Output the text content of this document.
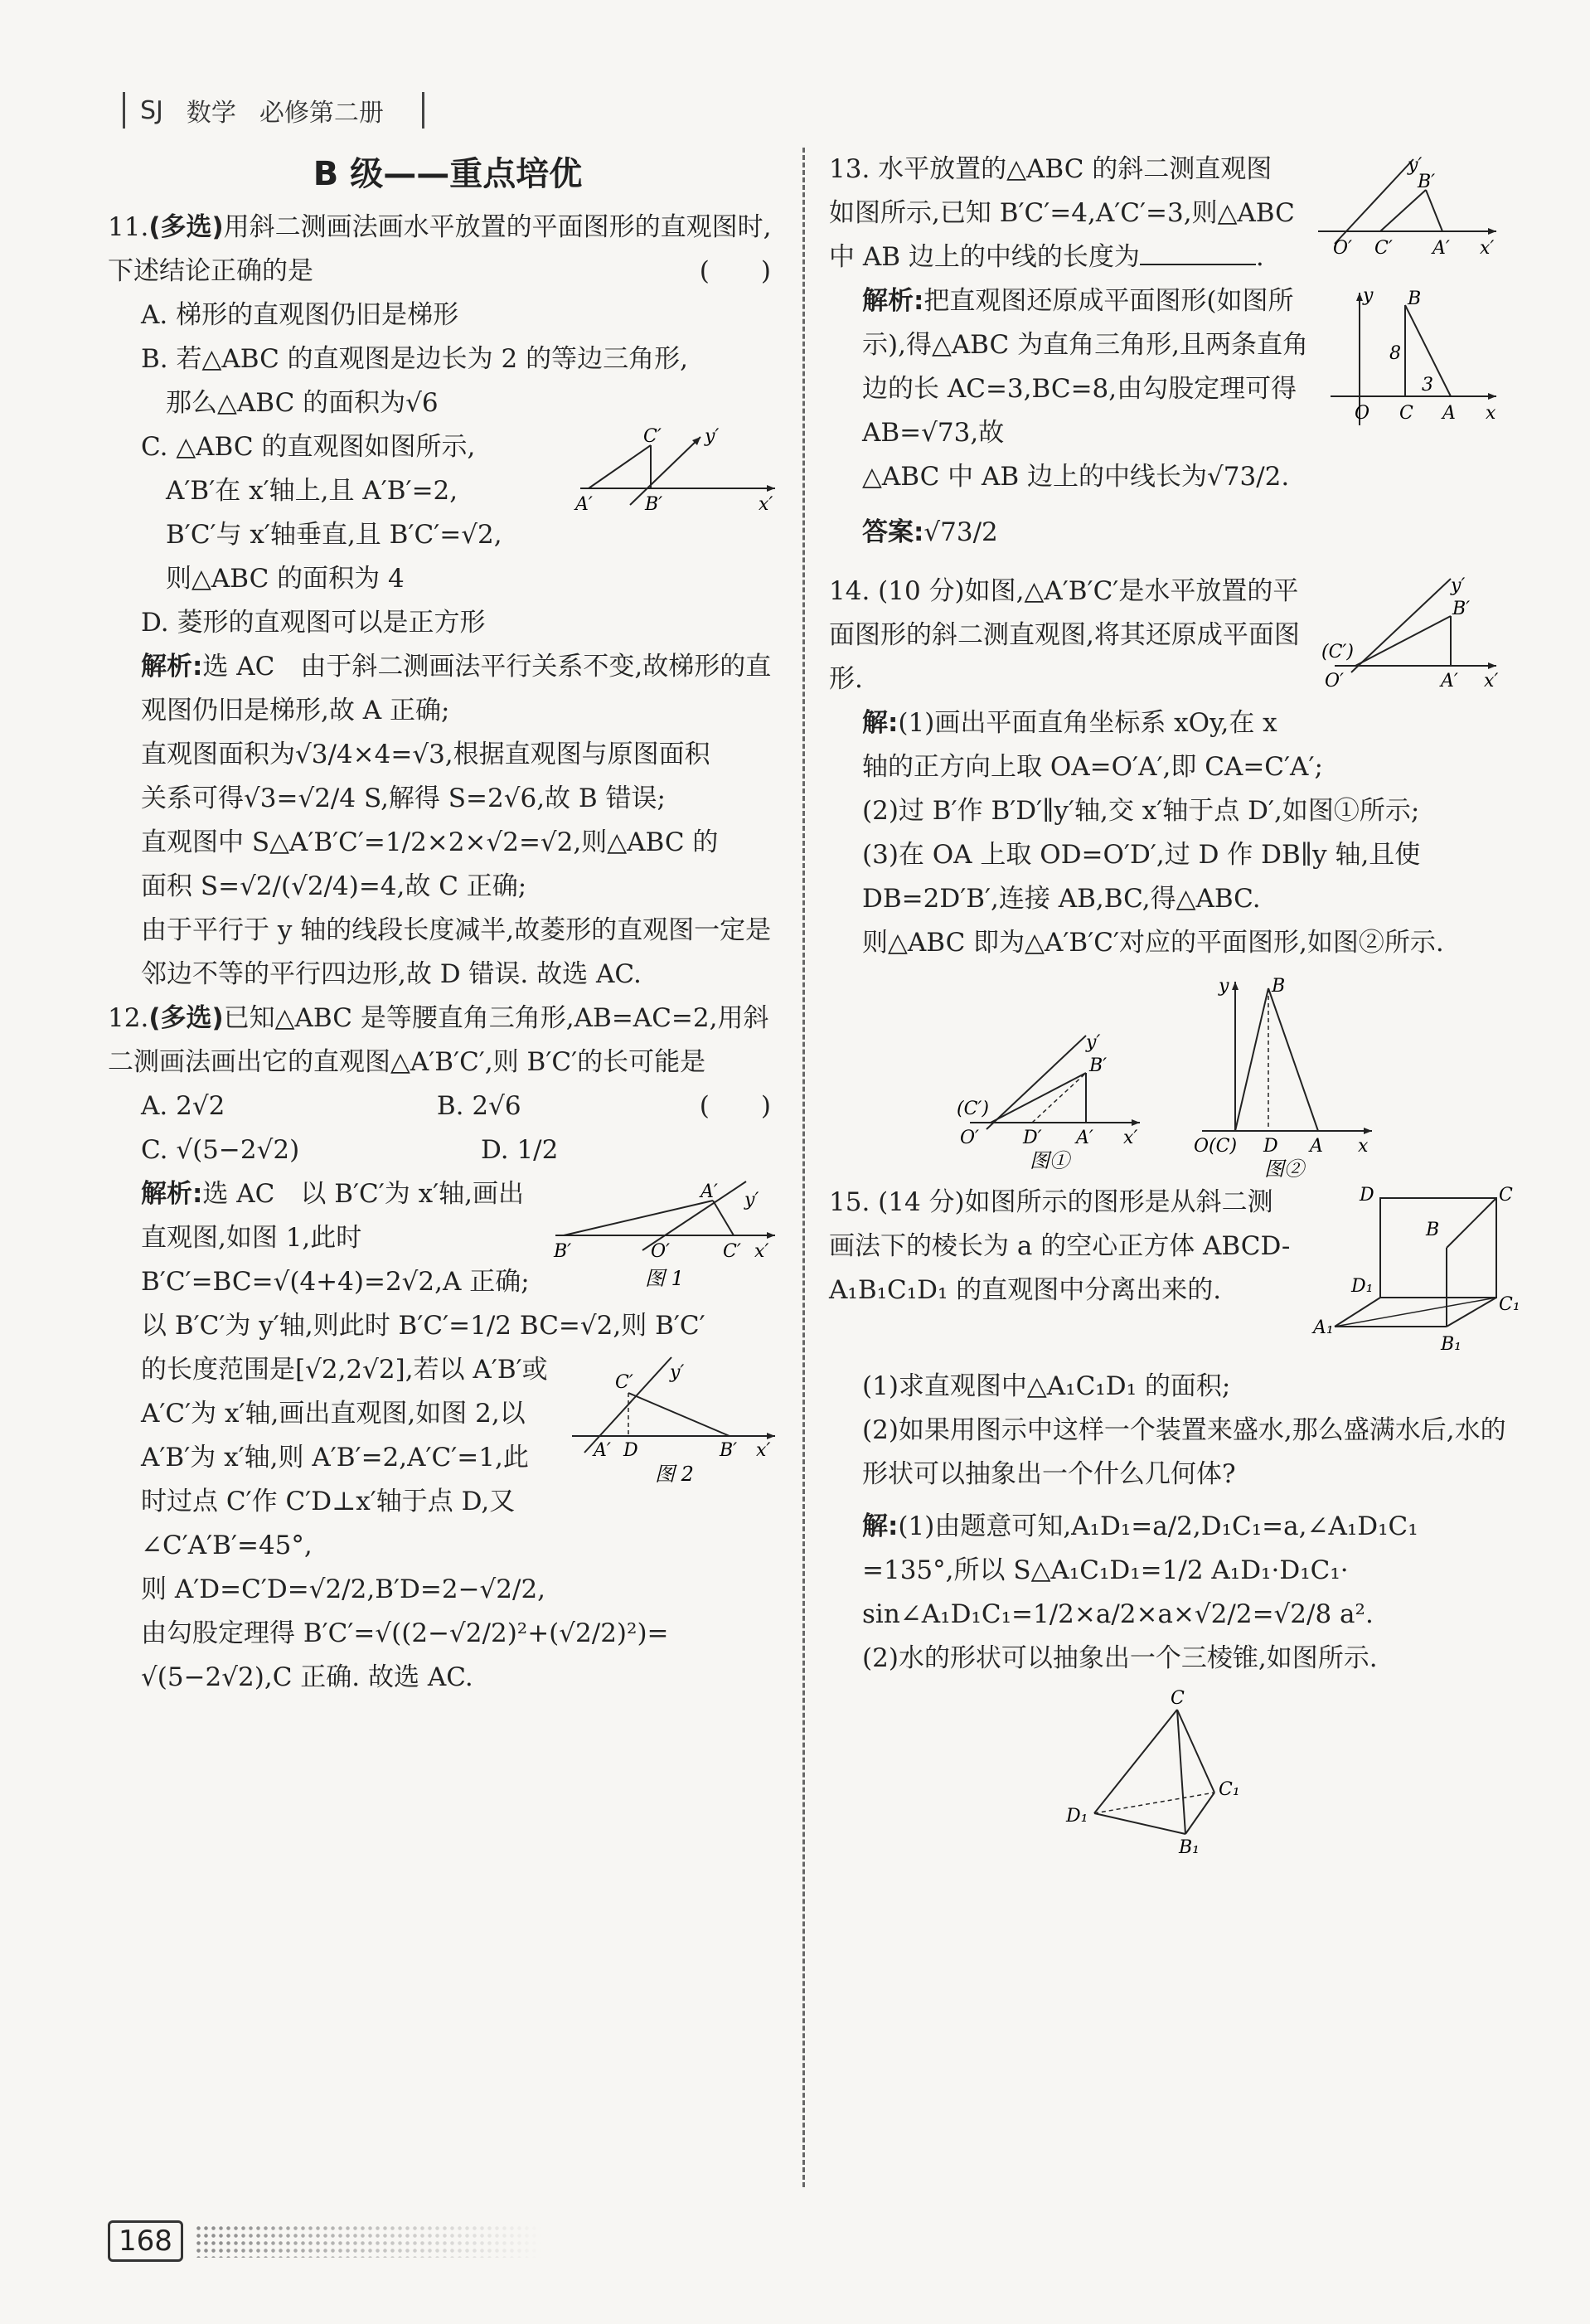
SJ 数学 必修第二册
B 级——重点培优

11.(多选)用斜二测画法画水平放置的平面图形的直观图时,下述结论正确的是	(　　)

A. 梯形的直观图仍旧是梯形

B. 若△ABC 的直观图是边长为 2 的等边三角形,

那么△ABC 的面积为√6

C′
A′	B′	x′
y′

C. △ABC 的直观图如图所示,

A′B′在 x′轴上,且 A′B′=2,

B′C′与 x′轴垂直,且 B′C′=√2,

则△ABC 的面积为 4

D. 菱形的直观图可以是正方形

解析:选 AC　由于斜二测画法平行关系不变,故梯形的直观图仍旧是梯形,故 A 正确;

直观图面积为√3/4×4=√3,根据直观图与原图面积

关系可得√3=√2/4 S,解得 S=2√6,故 B 错误;

直观图中 S△A′B′C′=1/2×2×√2=√2,则△ABC 的

面积 S=√2/(√2/4)=4,故 C 正确;

由于平行于 y 轴的线段长度减半,故菱形的直观图一定是邻边不等的平行四边形,故 D 错误. 故选 AC.

12.(多选)已知△ABC 是等腰直角三角形,AB=AC=2,用斜二测画法画出它的直观图△A′B′C′,则 B′C′的长可能是
(　　)

A. 2√2	B. 2√6

C. √(5−2√2)	D. 1/2

A′ y′
B′	O′	C′ x′
图 1

解析:选 AC　以 B′C′为 x′轴,画出直观图,如图 1,此时 B′C′=BC=√(4+4)=2√2,A 正确;

以 B′C′为 y′轴,则此时 B′C′=1/2 BC=√2,则 B′C′

C′ y′
A′ D	B′ x′
图 2

的长度范围是[√2,2√2],若以 A′B′或 A′C′为 x′轴,画出直观图,如图 2,以 A′B′为 x′轴,则 A′B′=2,A′C′=1,此时过点 C′作 C′D⊥x′轴于点 D,又∠C′A′B′=45°,

则 A′D=C′D=√2/2,B′D=2−√2/2,

由勾股定理得 B′C′=√((2−√2/2)²+(√2/2)²)=

√(5−2√2),C 正确. 故选 AC.

B′
y′
O′ C′ A′ x′

13. 水平放置的△ABC 的斜二测直观图如图所示,已知 B′C′=4,A′C′=3,则△ABC 中 AB 边上的中线的长度为	.

B
y
8
3
O C A x

解析:把直观图还原成平面图形(如图所示),得△ABC 为直角三角形,且两条直角边的长 AC=3,BC=8,由勾股定理可得 AB=√73,故

△ABC 中 AB 边上的中线长为√73/2.

答案:√73/2

B′
y′
(C′)
O′	A′ x′

14. (10 分)如图,△A′B′C′是水平放置的平面图形的斜二测直观图,将其还原成平面图形.

解:(1)画出平面直角坐标系 xOy,在 x 轴的正方向上取 OA=O′A′,即 CA=C′A′;

(2)过 B′作 B′D′∥y′轴,交 x′轴于点 D′,如图①所示;

(3)在 OA 上取 OD=O′D′,过 D 作 DB∥y 轴,且使 DB=2D′B′,连接 AB,BC,得△ABC.

则△ABC 即为△A′B′C′对应的平面图形,如图②所示.

B′
y′
(C′)
O′ D′ A′ x′
图①
y B
O(C) D A x
图②
D	C
B
D₁
C₁
A₁
B₁

15. (14 分)如图所示的图形是从斜二测画法下的棱长为 a 的空心正方体 ABCD-A₁B₁C₁D₁ 的直观图中分离出来的.

(1)求直观图中△A₁C₁D₁ 的面积;

(2)如果用图示中这样一个装置来盛水,那么盛满水后,水的形状可以抽象出一个什么几何体?

解:(1)由题意可知,A₁D₁=a/2,D₁C₁=a,∠A₁D₁C₁

=135°,所以 S△A₁C₁D₁=1/2 A₁D₁·D₁C₁·

sin∠A₁D₁C₁=1/2×a/2×a×√2/2=√2/8 a².

(2)水的形状可以抽象出一个三棱锥,如图所示.

C
C₁
D₁
B₁
168
